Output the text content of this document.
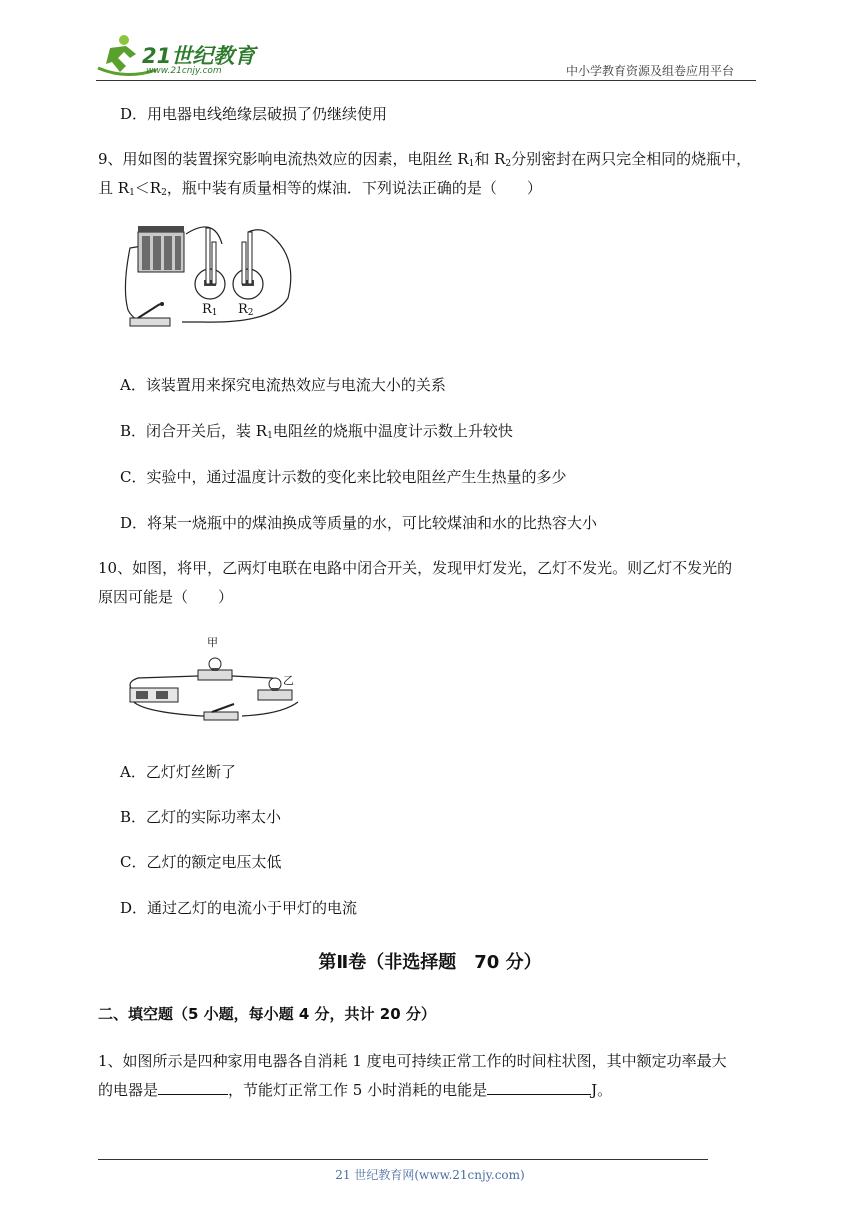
21世纪教育
www.21cnjy.com	中小学教育资源及组卷应用平台
D．用电器电线绝缘层破损了仍继续使用
9、用如图的装置探究影响电流热效应的因素，电阻丝 $R_1$和 $R_2$分别密封在两只完全相同的烧瓶中，
且 $R_1<R_2$，瓶中装有质量相等的煤油．下列说法正确的是（　　）
$R_1$ $R_2$
A．该装置用来探究电流热效应与电流大小的关系
B．闭合开关后，装 $R_1$电阻丝的烧瓶中温度计示数上升较快
C．实验中，通过温度计示数的变化来比较电阻丝产生生热量的多少
D．将某一烧瓶中的煤油换成等质量的水，可比较煤油和水的比热容大小
10、如图，将甲，乙两灯电联在电路中闭合开关，发现甲灯发光，乙灯不发光。则乙灯不发光的
原因可能是（　　）
甲
乙
A．乙灯灯丝断了
B．乙灯的实际功率太小
C．乙灯的额定电压太低
D．通过乙灯的电流小于甲灯的电流
第Ⅱ卷（非选择题　70 分）
二、填空题（5 小题，每小题 4 分，共计 20 分）
1、如图所示是四种家用电器各自消耗 1 度电可持续正常工作的时间柱状图，其中额定功率最大
的电器是	，节能灯正常工作 5 小时消耗的电能是	J。
21 世纪教育网(www.21cnjy.com)
